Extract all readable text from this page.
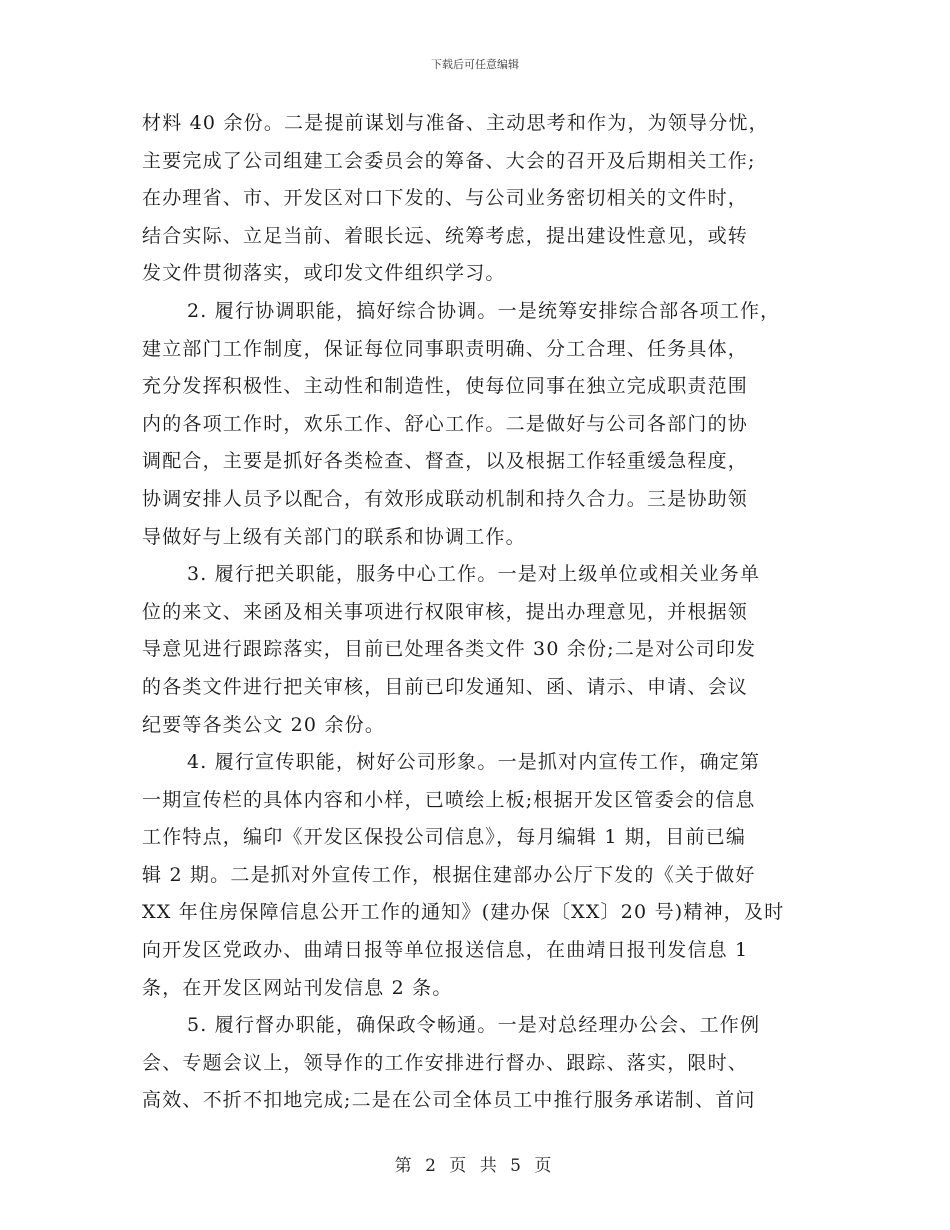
下载后可任意编辑
材料 40 余份。二是提前谋划与准备、主动思考和作为，为领导分忧，
主要完成了公司组建工会委员会的筹备、大会的召开及后期相关工作;
在办理省、市、开发区对口下发的、与公司业务密切相关的文件时，
结合实际、立足当前、着眼长远、统筹考虑，提出建设性意见，或转
发文件贯彻落实，或印发文件组织学习。
2. 履行协调职能，搞好综合协调。一是统筹安排综合部各项工作，
建立部门工作制度，保证每位同事职责明确、分工合理、任务具体，
充分发挥积极性、主动性和制造性，使每位同事在独立完成职责范围
内的各项工作时，欢乐工作、舒心工作。二是做好与公司各部门的协
调配合，主要是抓好各类检查、督查，以及根据工作轻重缓急程度，
协调安排人员予以配合，有效形成联动机制和持久合力。三是协助领
导做好与上级有关部门的联系和协调工作。
3. 履行把关职能，服务中心工作。一是对上级单位或相关业务单
位的来文、来函及相关事项进行权限审核，提出办理意见，并根据领
导意见进行跟踪落实，目前已处理各类文件 30 余份;二是对公司印发
的各类文件进行把关审核，目前已印发通知、函、请示、申请、会议
纪要等各类公文 20 余份。
4. 履行宣传职能，树好公司形象。一是抓对内宣传工作，确定第
一期宣传栏的具体内容和小样，已喷绘上板;根据开发区管委会的信息
工作特点，编印《开发区保投公司信息》，每月编辑 1 期，目前已编
辑 2 期。二是抓对外宣传工作，根据住建部办公厅下发的《关于做好
XX 年住房保障信息公开工作的通知》(建办保〔XX〕20 号)精神，及时
向开发区党政办、曲靖日报等单位报送信息，在曲靖日报刊发信息 1
条，在开发区网站刊发信息 2 条。
5. 履行督办职能，确保政令畅通。一是对总经理办公会、工作例
会、专题会议上，领导作的工作安排进行督办、跟踪、落实，限时、
高效、不折不扣地完成;二是在公司全体员工中推行服务承诺制、首问
第 2 页 共 5 页
